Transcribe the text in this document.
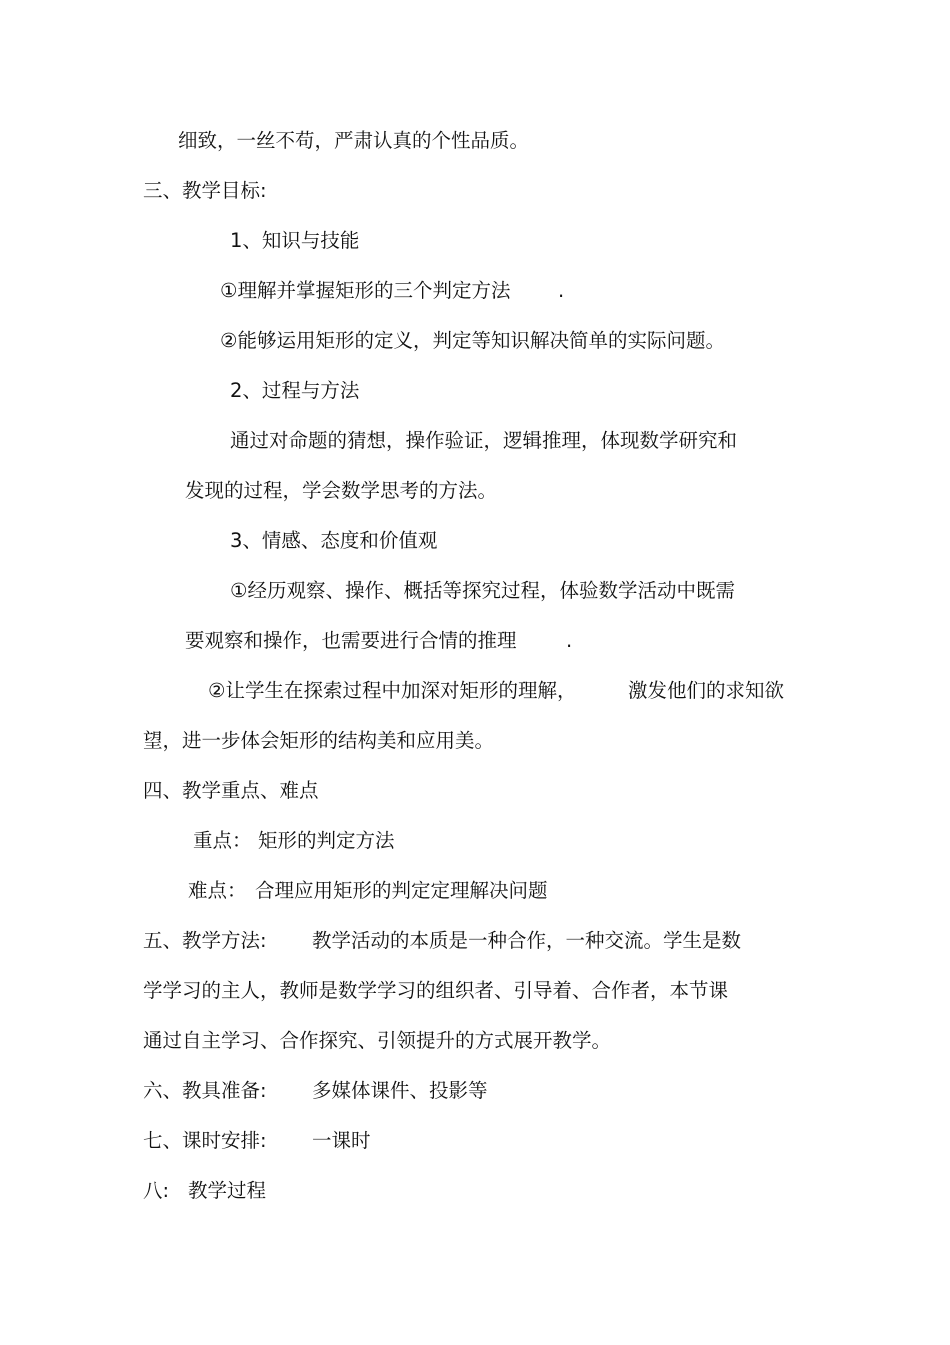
细致，一丝不苟，严肃认真的个性品质。
三、教学目标:
1、知识与技能
①理解并掌握矩形的三个判定方法 .
②能够运用矩形的定义，判定等知识解决简单的实际问题。
2、过程与方法
通过对命题的猜想，操作验证，逻辑推理，体现数学研究和
发现的过程，学会数学思考的方法。
3、情感、态度和价值观
①经历观察、操作、概括等探究过程，体验数学活动中既需
要观察和操作，也需要进行合情的推理	.
②让学生在探索过程中加深对矩形的理解，	激发他们的求知欲
望，进一步体会矩形的结构美和应用美。
四、教学重点、难点
重点： 矩形的判定方法
难点： 合理应用矩形的判定定理解决问题
五、教学方法: 教学活动的本质是一种合作，一种交流。学生是数
学学习的主人，教师是数学学习的组织者、引导着、合作者，本节课
通过自主学习、合作探究、引领提升的方式展开教学。
六、教具准备: 多媒体课件、投影等
七、课时安排: 一课时
八: 教学过程
